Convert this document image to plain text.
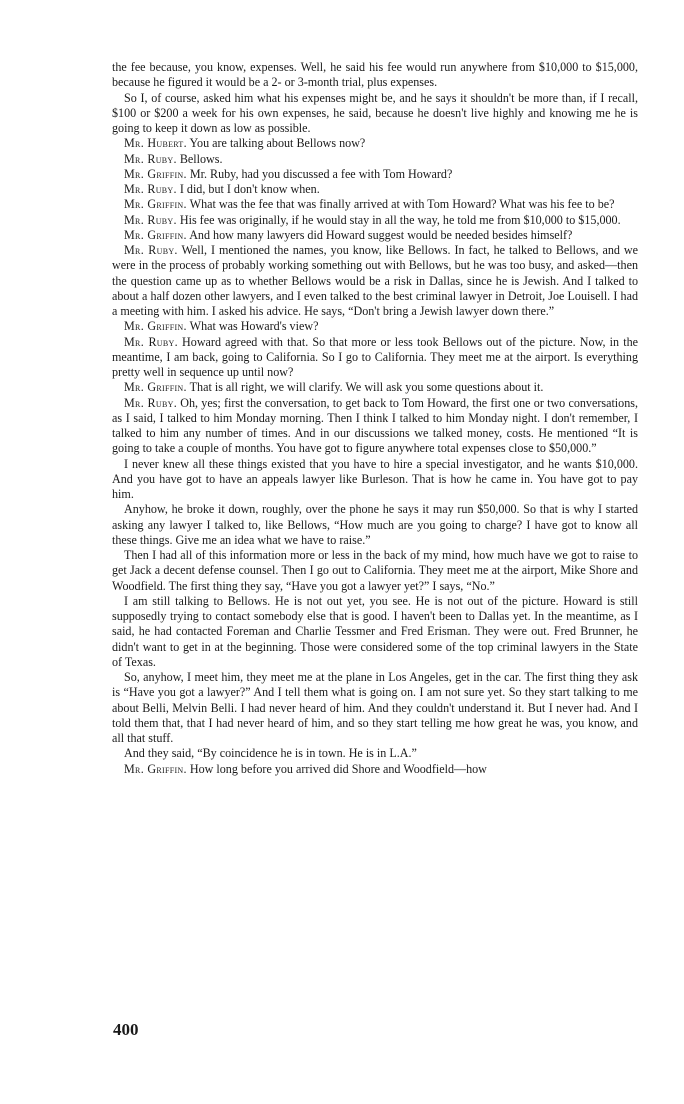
the fee because, you know, expenses. Well, he said his fee would run anywhere from $10,000 to $15,000, because he figured it would be a 2- or 3-month trial, plus expenses.

So I, of course, asked him what his expenses might be, and he says it shouldn't be more than, if I recall, $100 or $200 a week for his own expenses, he said, because he doesn't live highly and knowing me he is going to keep it down as low as possible.

Mr. Hubert. You are talking about Bellows now?

Mr. Ruby. Bellows.

Mr. Griffin. Mr. Ruby, had you discussed a fee with Tom Howard?

Mr. Ruby. I did, but I don't know when.

Mr. Griffin. What was the fee that was finally arrived at with Tom Howard? What was his fee to be?

Mr. Ruby. His fee was originally, if he would stay in all the way, he told me from $10,000 to $15,000.

Mr. Griffin. And how many lawyers did Howard suggest would be needed besides himself?

Mr. Ruby. Well, I mentioned the names, you know, like Bellows. In fact, he talked to Bellows, and we were in the process of probably working something out with Bellows, but he was too busy, and asked—then the question came up as to whether Bellows would be a risk in Dallas, since he is Jewish. And I talked to about a half dozen other lawyers, and I even talked to the best criminal lawyer in Detroit, Joe Louisell. I had a meeting with him. I asked his advice. He says, “Don't bring a Jewish lawyer down there.”

Mr. Griffin. What was Howard's view?

Mr. Ruby. Howard agreed with that. So that more or less took Bellows out of the picture. Now, in the meantime, I am back, going to California. So I go to California. They meet me at the airport. Is everything pretty well in sequence up until now?

Mr. Griffin. That is all right, we will clarify. We will ask you some questions about it.

Mr. Ruby. Oh, yes; first the conversation, to get back to Tom Howard, the first one or two conversations, as I said, I talked to him Monday morning. Then I think I talked to him Monday night. I don't remember, I talked to him any number of times. And in our discussions we talked money, costs. He mentioned “It is going to take a couple of months. You have got to figure anywhere total expenses close to $50,000.”

I never knew all these things existed that you have to hire a special investigator, and he wants $10,000. And you have got to have an appeals lawyer like Burleson. That is how he came in. You have got to pay him.

Anyhow, he broke it down, roughly, over the phone he says it may run $50,000. So that is why I started asking any lawyer I talked to, like Bellows, “How much are you going to charge? I have got to know all these things. Give me an idea what we have to raise.”

Then I had all of this information more or less in the back of my mind, how much have we got to raise to get Jack a decent defense counsel. Then I go out to California. They meet me at the airport, Mike Shore and Woodfield. The first thing they say, “Have you got a lawyer yet?” I says, “No.”

I am still talking to Bellows. He is not out yet, you see. He is not out of the picture. Howard is still supposedly trying to contact somebody else that is good. I haven't been to Dallas yet. In the meantime, as I said, he had contacted Foreman and Charlie Tessmer and Fred Erisman. They were out. Fred Brunner, he didn't want to get in at the beginning. Those were considered some of the top criminal lawyers in the State of Texas.

So, anyhow, I meet him, they meet me at the plane in Los Angeles, get in the car. The first thing they ask is “Have you got a lawyer?” And I tell them what is going on. I am not sure yet. So they start talking to me about Belli, Melvin Belli. I had never heard of him. And they couldn't understand it. But I never had. And I told them that, that I had never heard of him, and so they start telling me how great he was, you know, and all that stuff.

And they said, “By coincidence he is in town. He is in L.A.”

Mr. Griffin. How long before you arrived did Shore and Woodfield—how

400
